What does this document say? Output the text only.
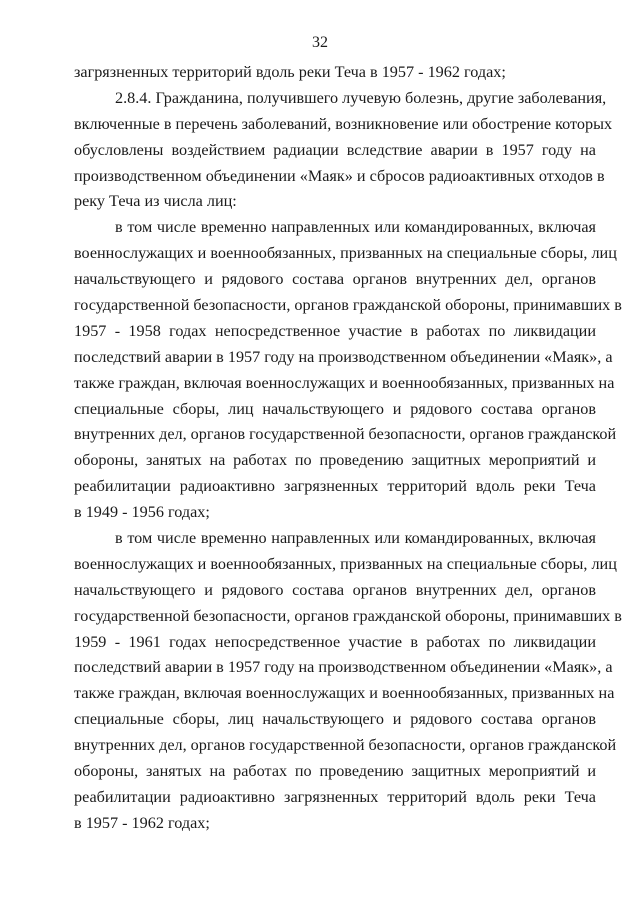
32
загрязненных территорий вдоль реки Теча в 1957 - 1962 годах;
2.8.4. Гражданина, получившего лучевую болезнь, другие заболевания,
включенные в перечень заболеваний, возникновение или обострение которых
обусловлены воздействием радиации вследствие аварии в 1957 году на
производственном объединении «Маяк» и сбросов радиоактивных отходов в
реку Теча из числа лиц:
в том числе временно направленных или командированных, включая
военнослужащих и военнообязанных, призванных на специальные сборы, лиц
начальствующего и рядового состава органов внутренних дел, органов
государственной безопасности, органов гражданской обороны, принимавших в
1957 - 1958 годах непосредственное участие в работах по ликвидации
последствий аварии в 1957 году на производственном объединении «Маяк», а
также граждан, включая военнослужащих и военнообязанных, призванных на
специальные сборы, лиц начальствующего и рядового состава органов
внутренних дел, органов государственной безопасности, органов гражданской
обороны, занятых на работах по проведению защитных мероприятий и
реабилитации радиоактивно загрязненных территорий вдоль реки Теча
в 1949 - 1956 годах;
в том числе временно направленных или командированных, включая
военнослужащих и военнообязанных, призванных на специальные сборы, лиц
начальствующего и рядового состава органов внутренних дел, органов
государственной безопасности, органов гражданской обороны, принимавших в
1959 - 1961 годах непосредственное участие в работах по ликвидации
последствий аварии в 1957 году на производственном объединении «Маяк», а
также граждан, включая военнослужащих и военнообязанных, призванных на
специальные сборы, лиц начальствующего и рядового состава органов
внутренних дел, органов государственной безопасности, органов гражданской
обороны, занятых на работах по проведению защитных мероприятий и
реабилитации радиоактивно загрязненных территорий вдоль реки Теча
в 1957 - 1962 годах;
